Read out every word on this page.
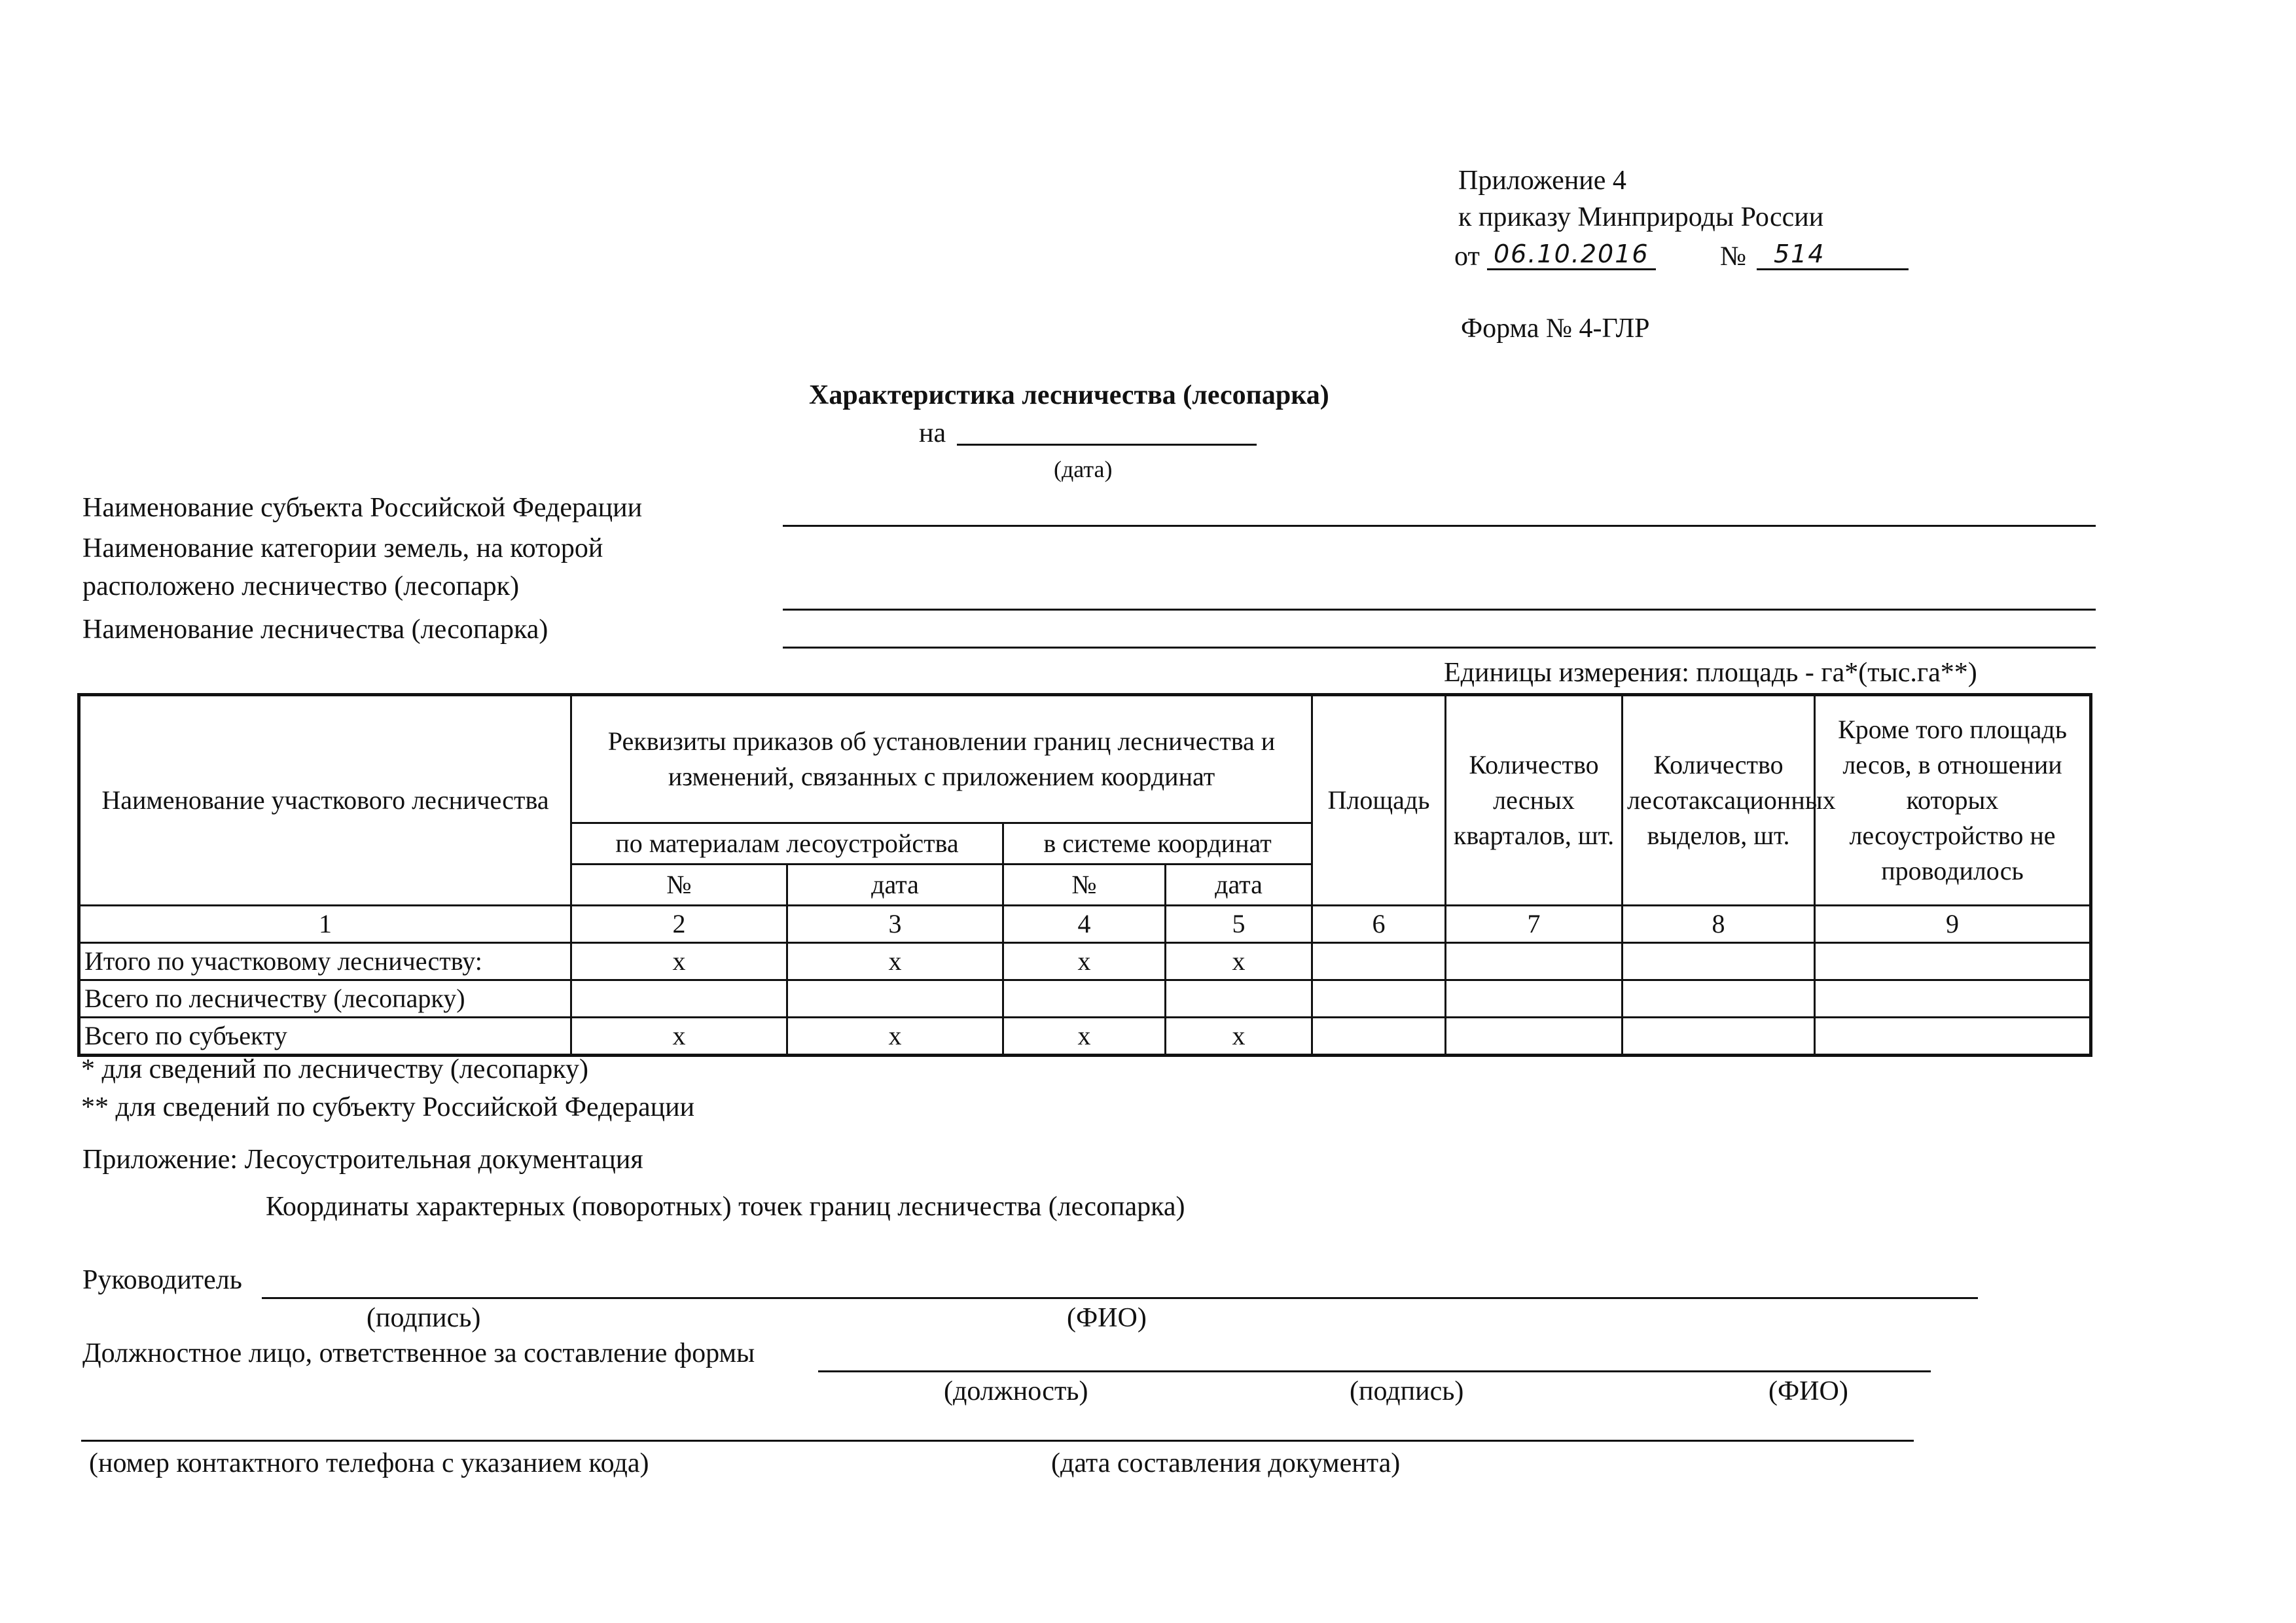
Приложение 4
к приказу Минприроды России
от 06.10.2016	№ 514
Форма № 4-ГЛР
Характеристика лесничества (лесопарка)
на
(дата)
Наименование субъекта Российской Федерации
Наименование категории земель, на которой
расположено лесничество (лесопарк)
Наименование лесничества (лесопарка)
Единицы измерения: площадь - га*(тыс.га**)
Наименование участкового лесничества	Реквизиты приказов об установлении границ лесничества и изменений, связанных с приложением координат				Площадь	Количество лесных кварталов, шт.	Количество лесотаксационных выделов, шт.	Кроме того площадь лесов, в отношении которых лесоустройство не проводилось
	по материалам лесоустройства		в системе координат					
	№	дата	№	дата				
1	2	3	4	5	6	7	8	9
Итого по участковому лесничеству:	x	x	x	x				
Всего по лесничеству (лесопарку)								
Всего по субъекту	x	x	x	x				
* для сведений по лесничеству (лесопарку)
** для сведений по субъекту Российской Федерации
Приложение: Лесоустроительная документация
Координаты характерных (поворотных) точек границ лесничества (лесопарка)
Руководитель
(подпись)	(ФИО)
Должностное лицо, ответственное за составление формы
(должность)	(подпись)	(ФИО)
(номер контактного телефона с указанием кода)	(дата составления документа)
